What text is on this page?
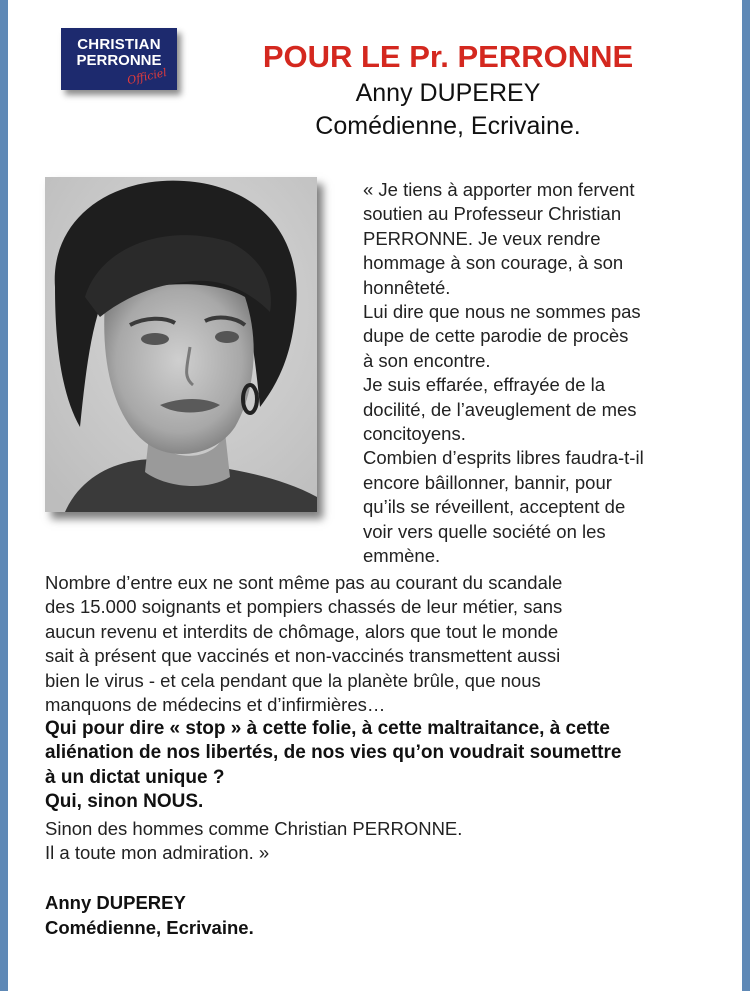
CHRISTIAN
PERRONNE
Officiel
POUR LE Pr. PERRONNE
Anny DUPEREY
Comédienne, Ecrivaine.
« Je tiens à apporter mon fervent
soutien au Professeur Christian
PERRONNE. Je veux rendre
hommage à son courage, à son
honnêteté.
Lui dire que nous ne sommes pas
dupe de cette parodie de procès
à son encontre.
Je suis effarée, effrayée de la
docilité, de l’aveuglement de mes
concitoyens.
Combien d’esprits libres faudra-t-il
encore bâillonner, bannir, pour
qu’ils se réveillent, acceptent de
voir vers quelle société on les
emmène.
Nombre d’entre eux ne sont même pas au courant du scandale
des 15.000 soignants et pompiers chassés de leur métier, sans
aucun revenu et interdits de chômage, alors que tout le monde
sait à présent que vaccinés et non-vaccinés transmettent aussi
bien le virus - et cela pendant que la planète brûle, que nous
manquons de médecins et d’infirmières…
Qui pour dire « stop » à cette folie, à cette maltraitance, à cette
aliénation de nos libertés, de nos vies qu’on voudrait soumettre
à un dictat unique ?
Qui, sinon NOUS.
Sinon des hommes comme Christian PERRONNE.
Il a toute mon admiration. »
Anny DUPEREY
Comédienne, Ecrivaine.
